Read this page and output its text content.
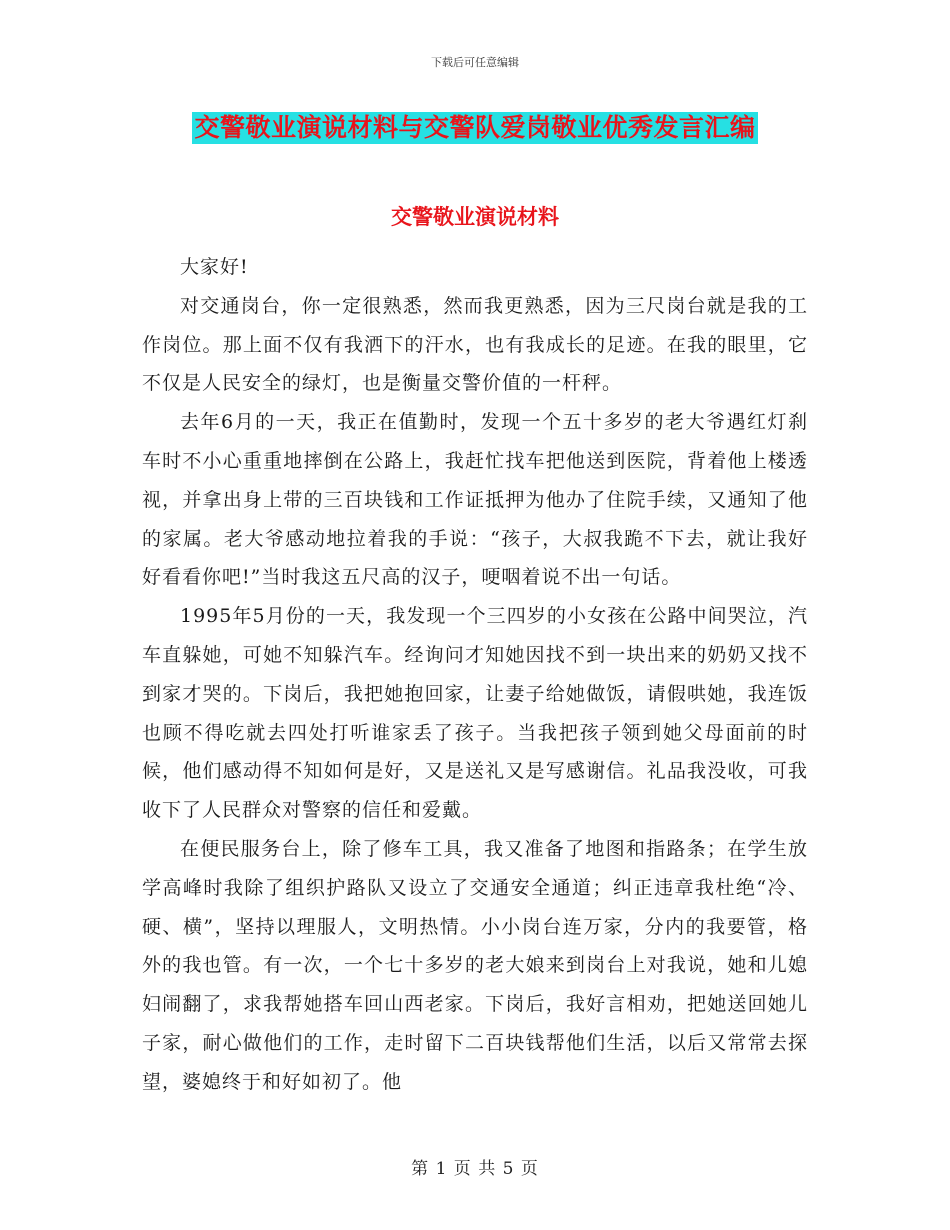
下载后可任意编辑
交警敬业演说材料与交警队爱岗敬业优秀发言汇编
交警敬业演说材料

大家好!

对交通岗台，你一定很熟悉，然而我更熟悉，因为三尺岗台就是我的工作岗位。那上面不仅有我洒下的汗水，也有我成长的足迹。在我的眼里，它不仅是人民安全的绿灯，也是衡量交警价值的一杆秤。

去年6月的一天，我正在值勤时，发现一个五十多岁的老大爷遇红灯刹车时不小心重重地摔倒在公路上，我赶忙找车把他送到医院，背着他上楼透视，并拿出身上带的三百块钱和工作证抵押为他办了住院手续，又通知了他的家属。老大爷感动地拉着我的手说：“孩子，大叔我跪不下去，就让我好好看看你吧!”当时我这五尺高的汉子，哽咽着说不出一句话。

1995年5月份的一天，我发现一个三四岁的小女孩在公路中间哭泣，汽车直躲她，可她不知躲汽车。经询问才知她因找不到一块出来的奶奶又找不到家才哭的。下岗后，我把她抱回家，让妻子给她做饭，请假哄她，我连饭也顾不得吃就去四处打听谁家丢了孩子。当我把孩子领到她父母面前的时候，他们感动得不知如何是好，又是送礼又是写感谢信。礼品我没收，可我收下了人民群众对警察的信任和爱戴。

在便民服务台上，除了修车工具，我又准备了地图和指路条；在学生放学高峰时我除了组织护路队又设立了交通安全通道；纠正违章我杜绝“冷、硬、横”，坚持以理服人，文明热情。小小岗台连万家，分内的我要管，格外的我也管。有一次，一个七十多岁的老大娘来到岗台上对我说，她和儿媳妇闹翻了，求我帮她搭车回山西老家。下岗后，我好言相劝，把她送回她儿子家，耐心做他们的工作，走时留下二百块钱帮他们生活，以后又常常去探望，婆媳终于和好如初了。他

第 1 页 共 5 页
